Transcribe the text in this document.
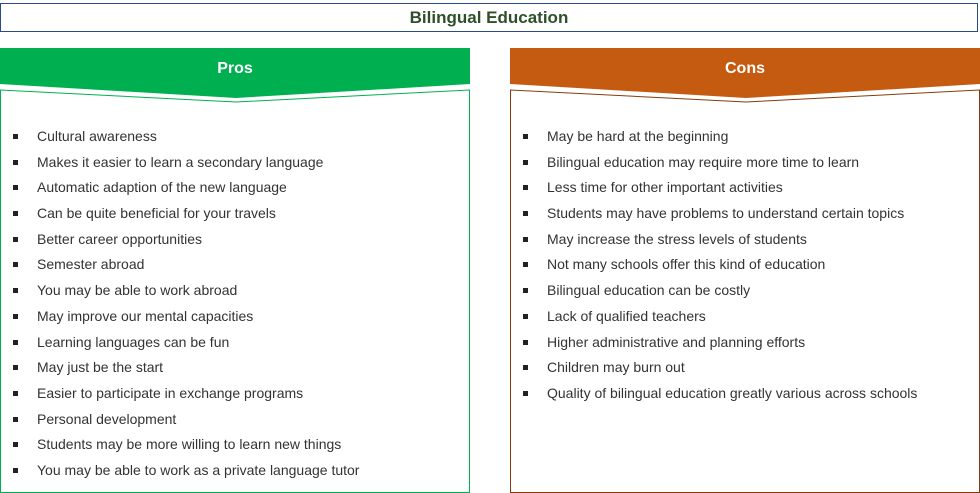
Bilingual Education
Pros
Cultural awareness
Makes it easier to learn a secondary language
Automatic adaption of the new language
Can be quite beneficial for your travels
Better career opportunities
Semester abroad
You may be able to work abroad
May improve our mental capacities
Learning languages can be fun
May just be the start
Easier to participate in exchange programs
Personal development
Students may be more willing to learn new things
You may be able to work as a private language tutor
Cons
May be hard at the beginning
Bilingual education may require more time to learn
Less time for other important activities
Students may have problems to understand certain topics
May increase the stress levels of students
Not many schools offer this kind of education
Bilingual education can be costly
Lack of qualified teachers
Higher administrative and planning efforts
Children may burn out
Quality of bilingual education greatly various across schools
